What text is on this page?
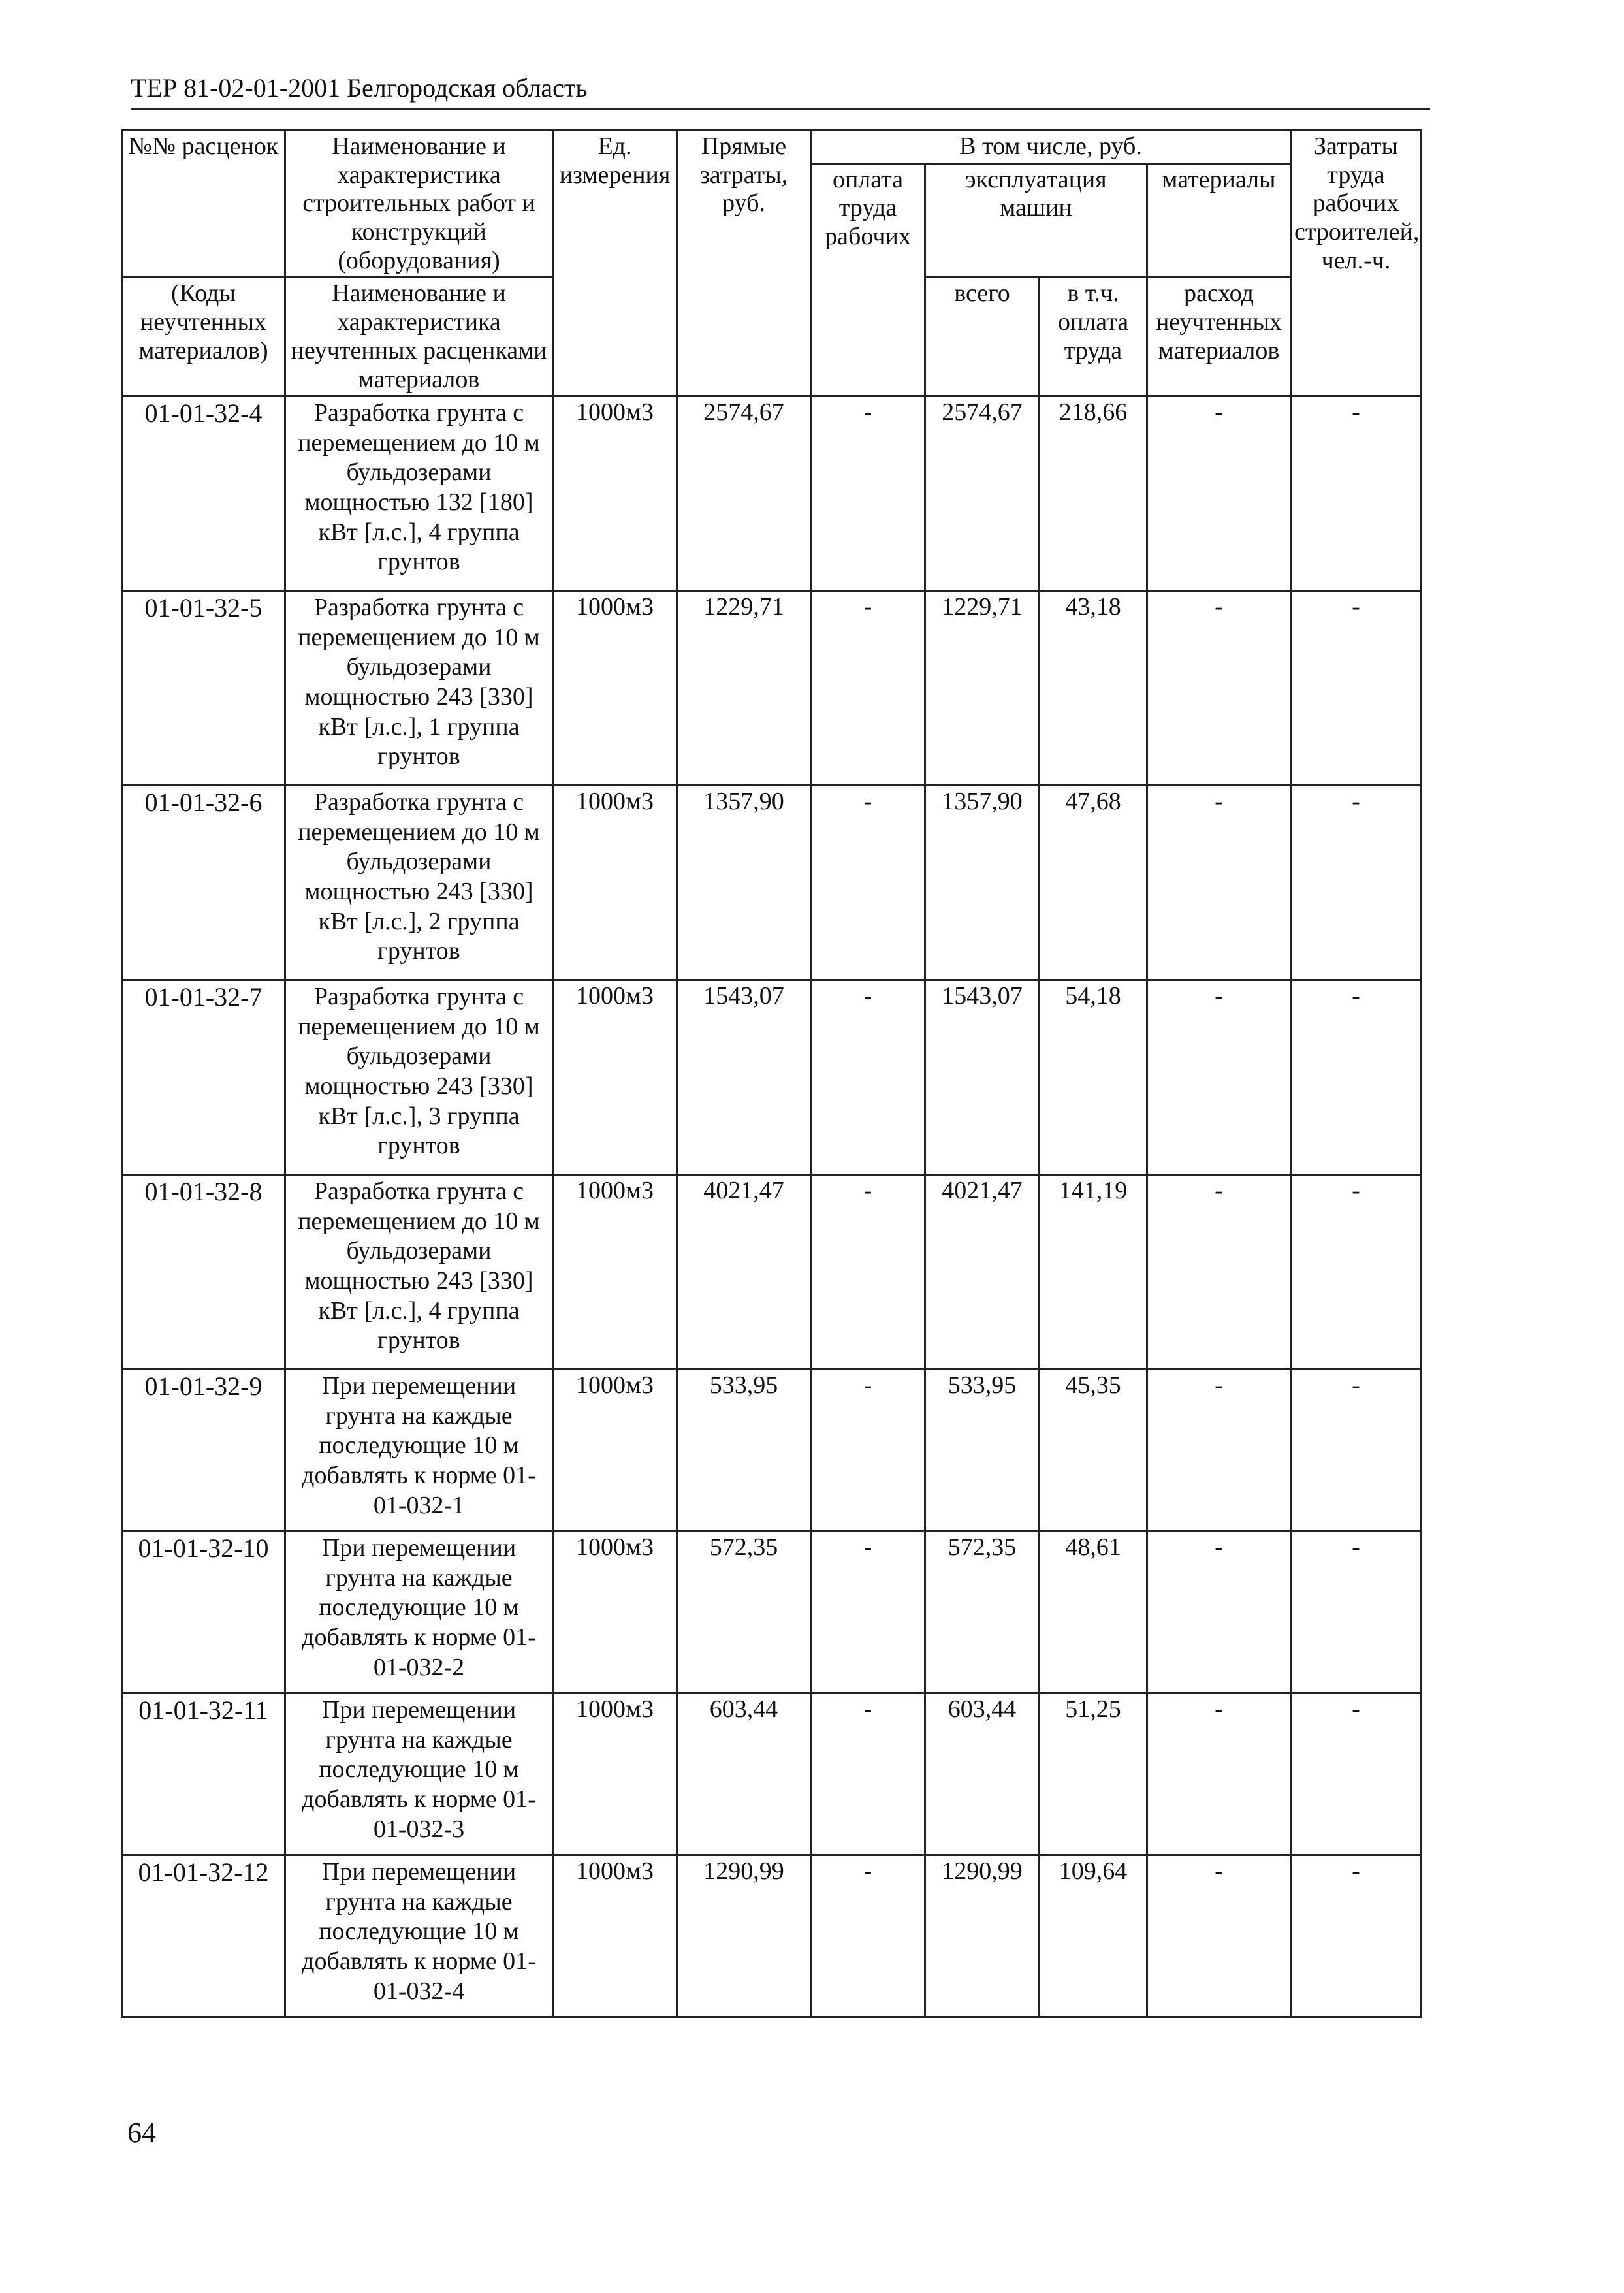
ТЕР 81-02-01-2001 Белгородская область
№№ расценок	Наименование и характеристика строительных работ и конструкций (оборудования)	Ед. измерения	Прямые затраты, руб.	В том числе, руб.				Затраты труда рабочих строителей, чел.-ч.
				оплата труда рабочих	эксплуатация машин		материалы	
(Коды неучтенных материалов)	Наименование и характеристика неучтенных расценками материалов				всего	в т.ч. оплата труда	расход неучтенных материалов	
01-01-32-4	Разработка грунта с перемещением до 10 м бульдозерами мощностью 132 [180] кВт [л.с.], 4 группа грунтов	1000м3	2574,67	-	2574,67	218,66	-	-
01-01-32-5	Разработка грунта с перемещением до 10 м бульдозерами мощностью 243 [330] кВт [л.с.], 1 группа грунтов	1000м3	1229,71	-	1229,71	43,18	-	-
01-01-32-6	Разработка грунта с перемещением до 10 м бульдозерами мощностью 243 [330] кВт [л.с.], 2 группа грунтов	1000м3	1357,90	-	1357,90	47,68	-	-
01-01-32-7	Разработка грунта с перемещением до 10 м бульдозерами мощностью 243 [330] кВт [л.с.], 3 группа грунтов	1000м3	1543,07	-	1543,07	54,18	-	-
01-01-32-8	Разработка грунта с перемещением до 10 м бульдозерами мощностью 243 [330] кВт [л.с.], 4 группа грунтов	1000м3	4021,47	-	4021,47	141,19	-	-
01-01-32-9	При перемещении грунта на каждые последующие 10 м добавлять к норме 01-01-032-1	1000м3	533,95	-	533,95	45,35	-	-
01-01-32-10	При перемещении грунта на каждые последующие 10 м добавлять к норме 01-01-032-2	1000м3	572,35	-	572,35	48,61	-	-
01-01-32-11	При перемещении грунта на каждые последующие 10 м добавлять к норме 01-01-032-3	1000м3	603,44	-	603,44	51,25	-	-
01-01-32-12	При перемещении грунта на каждые последующие 10 м добавлять к норме 01-01-032-4	1000м3	1290,99	-	1290,99	109,64	-	-
64
